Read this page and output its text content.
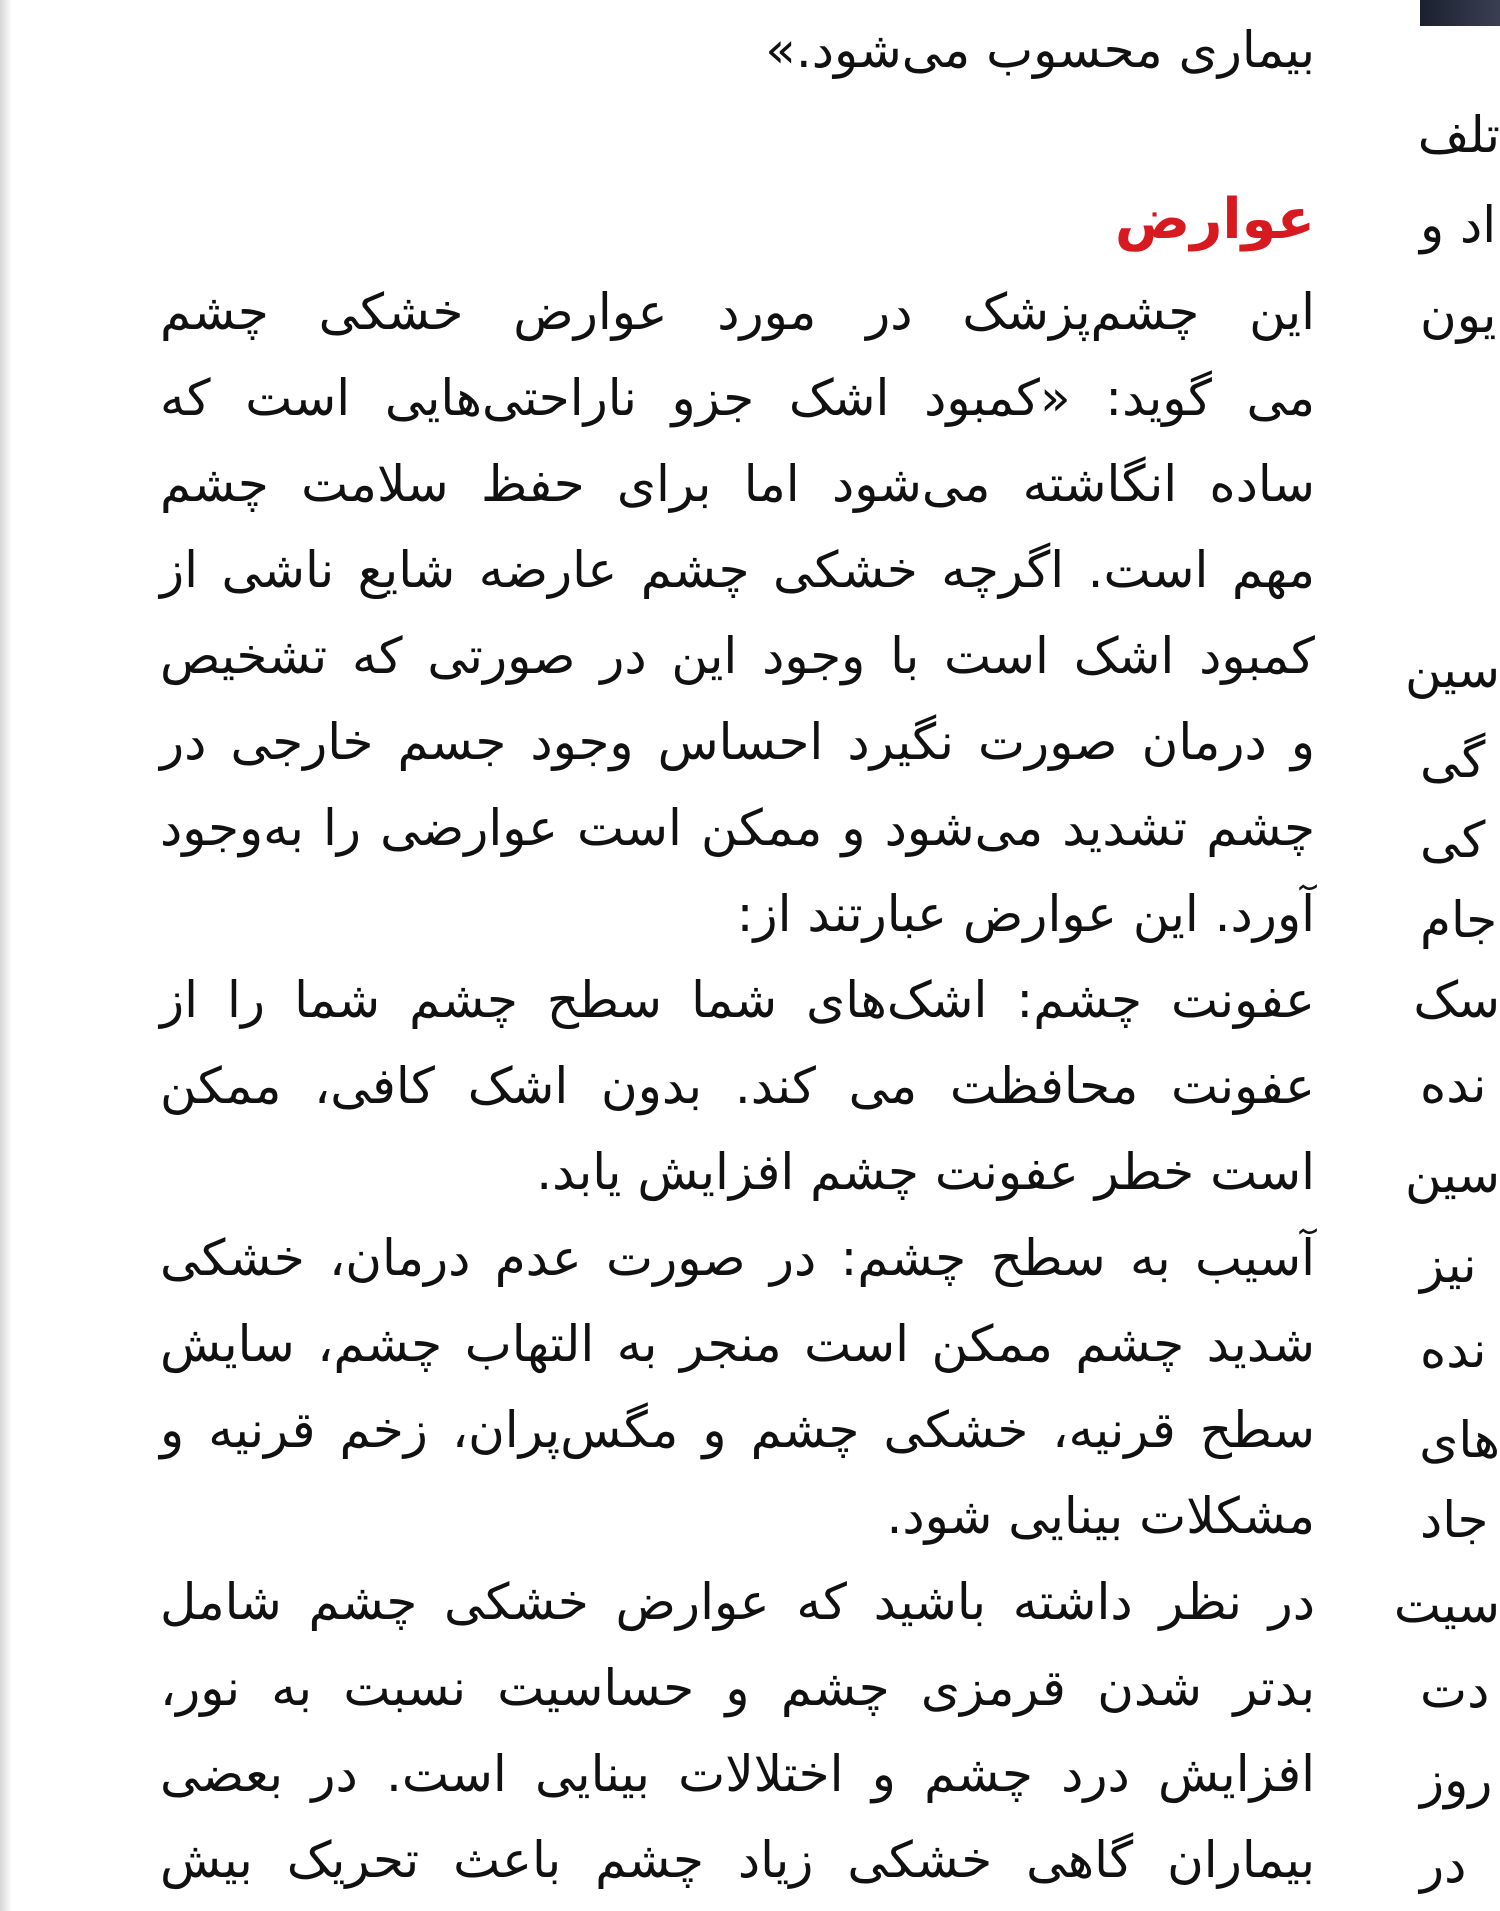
بیماری محسوب می‌شود.»
عوارض
این چشم‌پزشک در مورد عوارض خشکی چشم
می گوید: «کمبود اشک جزو ناراحتی‌هایی است که
ساده انگاشته می‌شود اما برای حفظ سلامت چشم
مهم است. اگرچه خشکی چشم عارضه شایع ناشی از
کمبود اشک است با وجود این در صورتی که تشخیص
و درمان صورت نگیرد احساس وجود جسم خارجی در
چشم تشدید می‌شود و ممکن است عوارضی را به‌وجود
آورد. این عوارض عبارتند از:
عفونت چشم: اشک‌های شما سطح چشم شما را از
عفونت محافظت می کند. بدون اشک کافی، ممکن
است خطر عفونت چشم افزایش یابد.
آسیب به سطح چشم: در صورت عدم درمان، خشکی
شدید چشم ممکن است منجر به التهاب چشم، سایش
سطح قرنیه، خشکی چشم و مگس‌پران، زخم قرنیه و
مشکلات بینایی شود.
در نظر داشته باشید که عوارض خشکی چشم شامل
بدتر شدن قرمزی چشم و حساسیت نسبت به نور،
افزایش درد چشم و اختلالات بینایی است. در بعضی
بیماران گاهی خشکی زیاد چشم باعث تحریک بیش
تلف
اد و
یون
سین
گی
کی
جام
سک
نده
سین
نیز
نده
های
جاد
سیت
دت
روز
در
